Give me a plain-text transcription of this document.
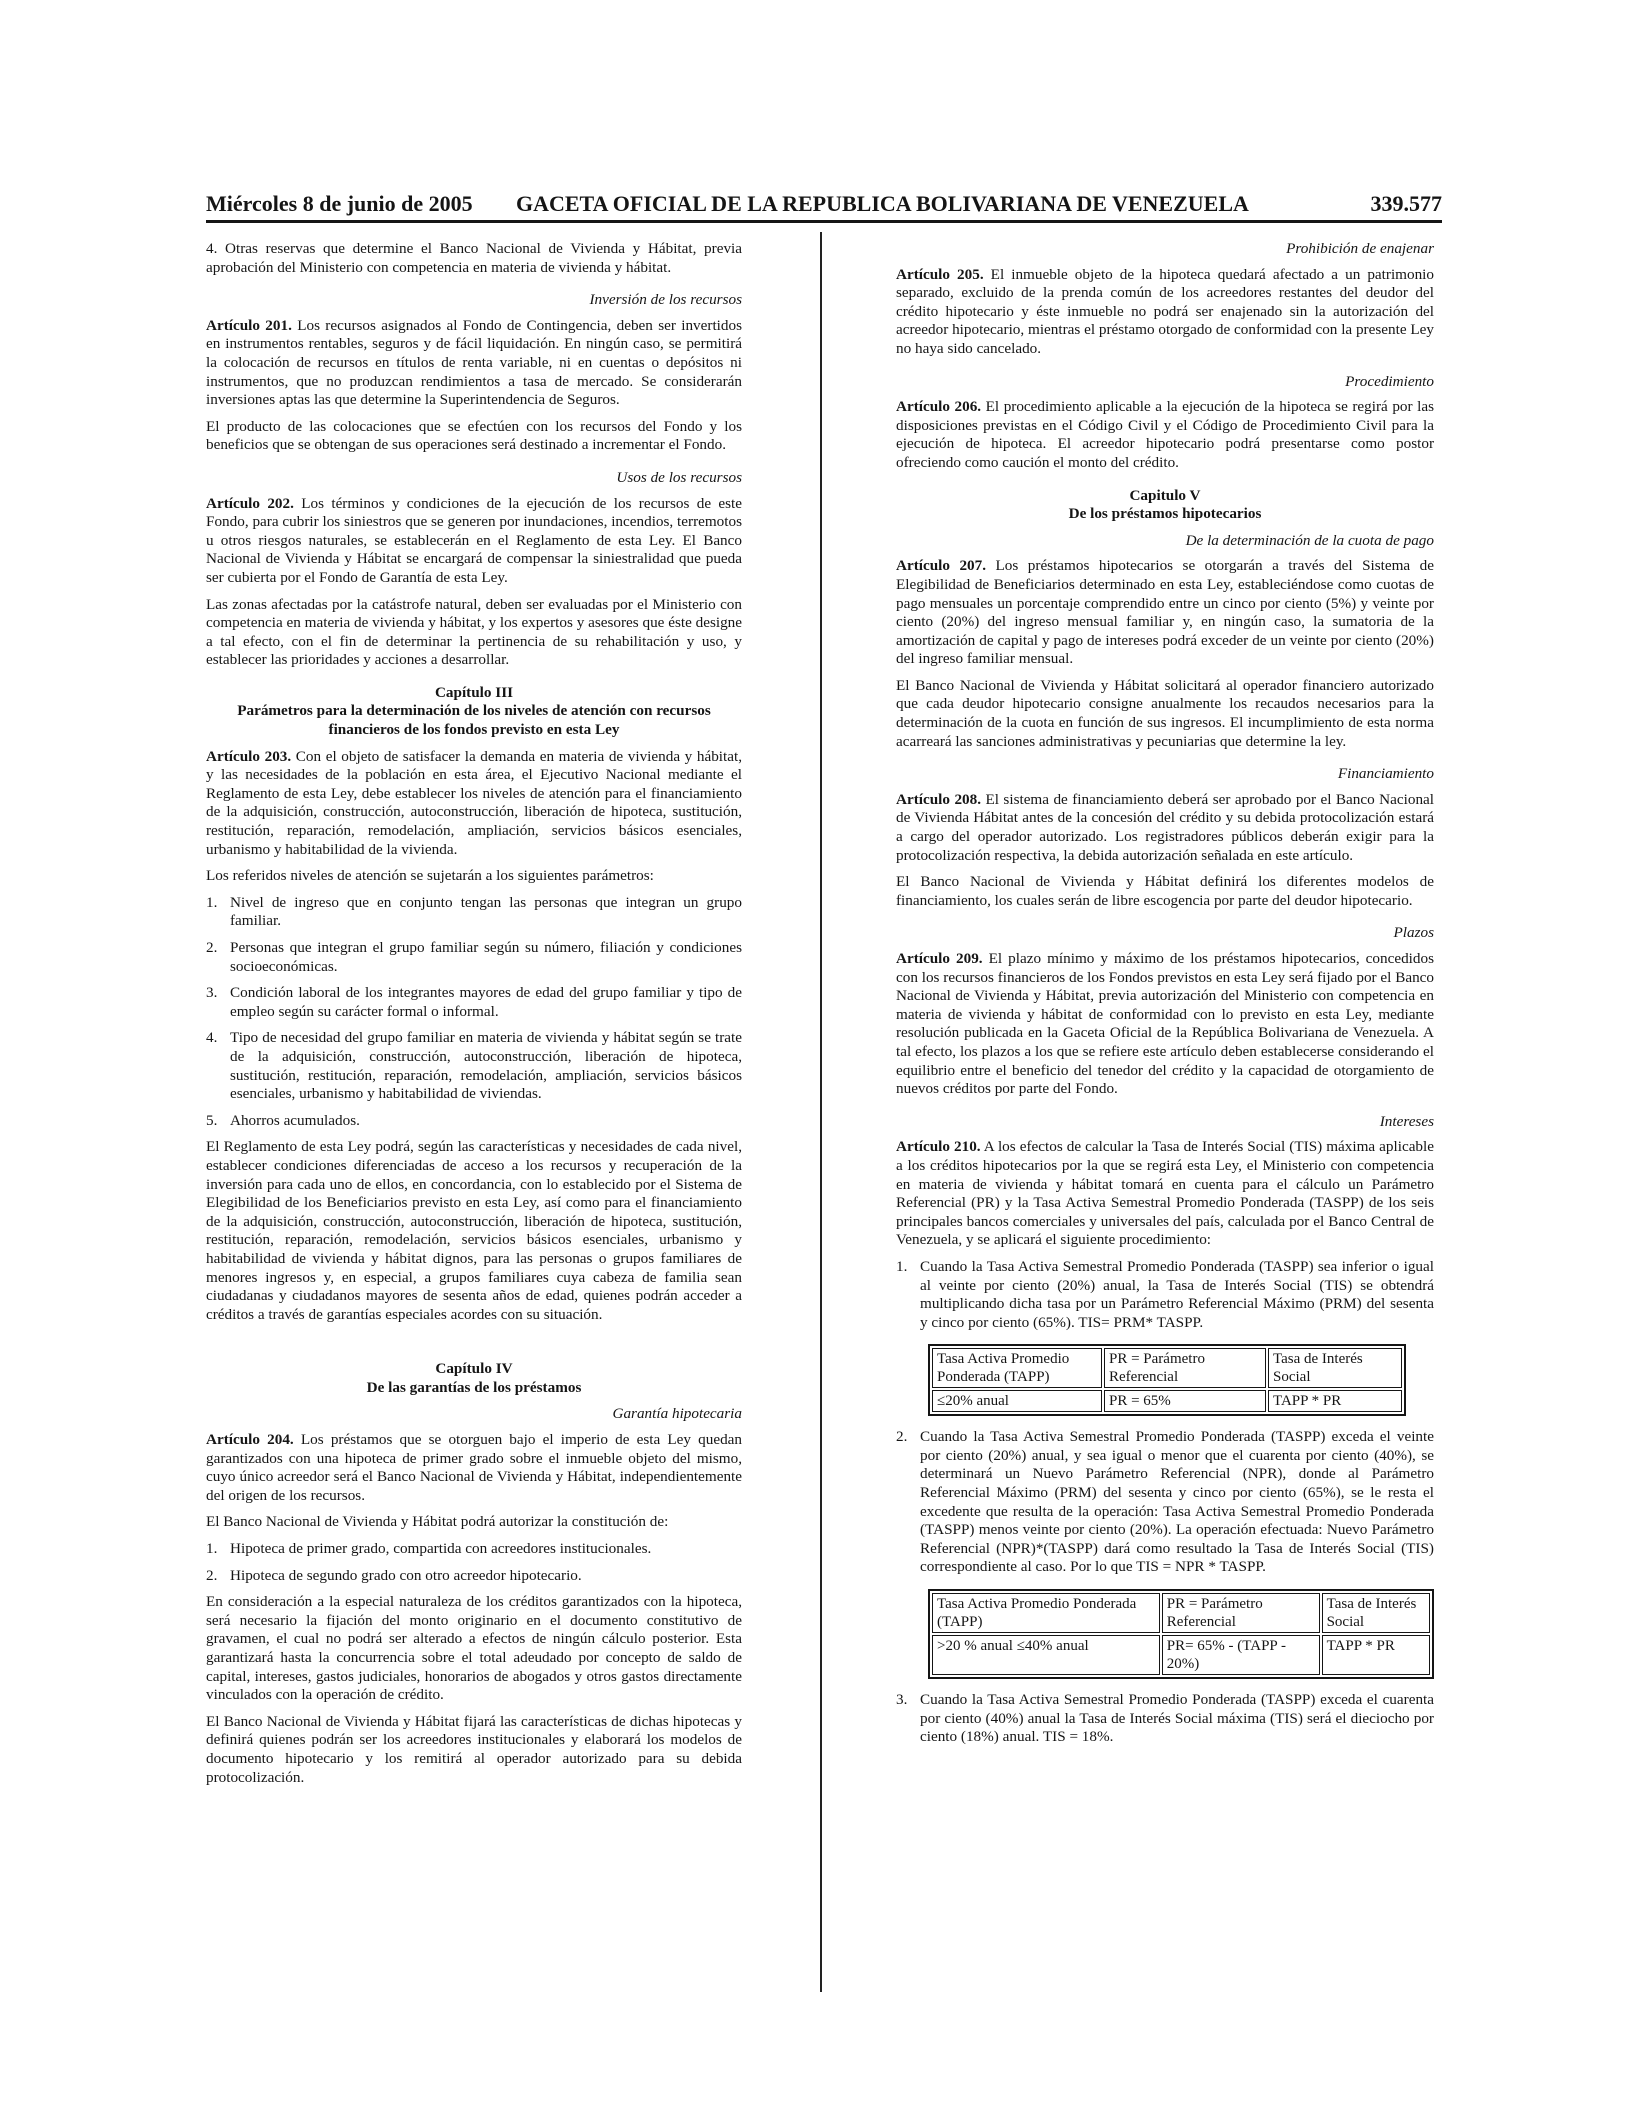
Miércoles 8 de junio de 2005 GACETA OFICIAL DE LA REPUBLICA BOLIVARIANA DE VENEZUELA	339.577

4. Otras reservas que determine el Banco Nacional de Vivienda y Hábitat, previa aprobación del Ministerio con competencia en materia de vivienda y hábitat.

Inversión de los recursos

Artículo 201. Los recursos asignados al Fondo de Contingencia, deben ser invertidos en instrumentos rentables, seguros y de fácil liquidación. En ningún caso, se permitirá la colocación de recursos en títulos de renta variable, ni en cuentas o depósitos ni instrumentos, que no produzcan rendimientos a tasa de mercado. Se considerarán inversiones aptas las que determine la Superintendencia de Seguros.

El producto de las colocaciones que se efectúen con los recursos del Fondo y los beneficios que se obtengan de sus operaciones será destinado a incrementar el Fondo.

Usos de los recursos

Artículo 202. Los términos y condiciones de la ejecución de los recursos de este Fondo, para cubrir los siniestros que se generen por inundaciones, incendios, terremotos u otros riesgos naturales, se establecerán en el Reglamento de esta Ley. El Banco Nacional de Vivienda y Hábitat se encargará de compensar la siniestralidad que pueda ser cubierta por el Fondo de Garantía de esta Ley.

Las zonas afectadas por la catástrofe natural, deben ser evaluadas por el Ministerio con competencia en materia de vivienda y hábitat, y los expertos y asesores que éste designe a tal efecto, con el fin de determinar la pertinencia de su rehabilitación y uso, y establecer las prioridades y acciones a desarrollar.

Capítulo III
Parámetros para la determinación de los niveles de atención con recursos financieros de los fondos previsto en esta Ley

Artículo 203. Con el objeto de satisfacer la demanda en materia de vivienda y hábitat, y las necesidades de la población en esta área, el Ejecutivo Nacional mediante el Reglamento de esta Ley, debe establecer los niveles de atención para el financiamiento de la adquisición, construcción, autoconstrucción, liberación de hipoteca, sustitución, restitución, reparación, remodelación, ampliación, servicios básicos esenciales, urbanismo y habitabilidad de la vivienda.

Los referidos niveles de atención se sujetarán a los siguientes parámetros:

1. Nivel de ingreso que en conjunto tengan las personas que integran un grupo familiar.
2. Personas que integran el grupo familiar según su número, filiación y condiciones socioeconómicas.
3. Condición laboral de los integrantes mayores de edad del grupo familiar y tipo de empleo según su carácter formal o informal.
4. Tipo de necesidad del grupo familiar en materia de vivienda y hábitat según se trate de la adquisición, construcción, autoconstrucción, liberación de hipoteca, sustitución, restitución, reparación, remodelación, ampliación, servicios básicos esenciales, urbanismo y habitabilidad de viviendas.
5. Ahorros acumulados.

El Reglamento de esta Ley podrá, según las características y necesidades de cada nivel, establecer condiciones diferenciadas de acceso a los recursos y recuperación de la inversión para cada uno de ellos, en concordancia, con lo establecido por el Sistema de Elegibilidad de los Beneficiarios previsto en esta Ley, así como para el financiamiento de la adquisición, construcción, autoconstrucción, liberación de hipoteca, sustitución, restitución, reparación, remodelación, servicios básicos esenciales, urbanismo y habitabilidad de vivienda y hábitat dignos, para las personas o grupos familiares de menores ingresos y, en especial, a grupos familiares cuya cabeza de familia sean ciudadanas y ciudadanos mayores de sesenta años de edad, quienes podrán acceder a créditos a través de garantías especiales acordes con su situación.

Capítulo IV
De las garantías de los préstamos
Garantía hipotecaria

Artículo 204. Los préstamos que se otorguen bajo el imperio de esta Ley quedan garantizados con una hipoteca de primer grado sobre el inmueble objeto del mismo, cuyo único acreedor será el Banco Nacional de Vivienda y Hábitat, independientemente del origen de los recursos.

El Banco Nacional de Vivienda y Hábitat podrá autorizar la constitución de:

1. Hipoteca de primer grado, compartida con acreedores institucionales.
2. Hipoteca de segundo grado con otro acreedor hipotecario.

En consideración a la especial naturaleza de los créditos garantizados con la hipoteca, será necesario la fijación del monto originario en el documento constitutivo de gravamen, el cual no podrá ser alterado a efectos de ningún cálculo posterior. Esta garantizará hasta la concurrencia sobre el total adeudado por concepto de saldo de capital, intereses, gastos judiciales, honorarios de abogados y otros gastos directamente vinculados con la operación de crédito.

El Banco Nacional de Vivienda y Hábitat fijará las características de dichas hipotecas y definirá quienes podrán ser los acreedores institucionales y elaborará los modelos de documento hipotecario y los remitirá al operador autorizado para su debida protocolización.

Prohibición de enajenar

Artículo 205. El inmueble objeto de la hipoteca quedará afectado a un patrimonio separado, excluido de la prenda común de los acreedores restantes del deudor del crédito hipotecario y éste inmueble no podrá ser enajenado sin la autorización del acreedor hipotecario, mientras el préstamo otorgado de conformidad con la presente Ley no haya sido cancelado.

Procedimiento

Artículo 206. El procedimiento aplicable a la ejecución de la hipoteca se regirá por las disposiciones previstas en el Código Civil y el Código de Procedimiento Civil para la ejecución de hipoteca. El acreedor hipotecario podrá presentarse como postor ofreciendo como caución el monto del crédito.

Capitulo V
De los préstamos hipotecarios
De la determinación de la cuota de pago

Artículo 207. Los préstamos hipotecarios se otorgarán a través del Sistema de Elegibilidad de Beneficiarios determinado en esta Ley, estableciéndose como cuotas de pago mensuales un porcentaje comprendido entre un cinco por ciento (5%) y veinte por ciento (20%) del ingreso mensual familiar y, en ningún caso, la sumatoria de la amortización de capital y pago de intereses podrá exceder de un veinte por ciento (20%) del ingreso familiar mensual.

El Banco Nacional de Vivienda y Hábitat solicitará al operador financiero autorizado que cada deudor hipotecario consigne anualmente los recaudos necesarios para la determinación de la cuota en función de sus ingresos. El incumplimiento de esta norma acarreará las sanciones administrativas y pecuniarias que determine la ley.

Financiamiento

Artículo 208. El sistema de financiamiento deberá ser aprobado por el Banco Nacional de Vivienda Hábitat antes de la concesión del crédito y su debida protocolización estará a cargo del operador autorizado. Los registradores públicos deberán exigir para la protocolización respectiva, la debida autorización señalada en este artículo.

El Banco Nacional de Vivienda y Hábitat definirá los diferentes modelos de financiamiento, los cuales serán de libre escogencia por parte del deudor hipotecario.

Plazos

Artículo 209. El plazo mínimo y máximo de los préstamos hipotecarios, concedidos con los recursos financieros de los Fondos previstos en esta Ley será fijado por el Banco Nacional de Vivienda y Hábitat, previa autorización del Ministerio con competencia en materia de vivienda y hábitat de conformidad con lo previsto en esta Ley, mediante resolución publicada en la Gaceta Oficial de la República Bolivariana de Venezuela. A tal efecto, los plazos a los que se refiere este artículo deben establecerse considerando el equilibrio entre el beneficio del tenedor del crédito y la capacidad de otorgamiento de nuevos créditos por parte del Fondo.

Intereses

Artículo 210. A los efectos de calcular la Tasa de Interés Social (TIS) máxima aplicable a los créditos hipotecarios por la que se regirá esta Ley, el Ministerio con competencia en materia de vivienda y hábitat tomará en cuenta para el cálculo un Parámetro Referencial (PR) y la Tasa Activa Semestral Promedio Ponderada (TASPP) de los seis principales bancos comerciales y universales del país, calculada por el Banco Central de Venezuela, y se aplicará el siguiente procedimiento:

1. Cuando la Tasa Activa Semestral Promedio Ponderada (TASPP) sea inferior o igual al veinte por ciento (20%) anual, la Tasa de Interés Social (TIS) se obtendrá multiplicando dicha tasa por un Parámetro Referencial Máximo (PRM) del sesenta y cinco por ciento (65%). TIS= PRM* TASPP.
Tasa Activa Promedio Ponderada (TAPP)	PR = Parámetro Referencial	Tasa de Interés Social
≤20% anual	PR = 65%	TAPP * PR
2. Cuando la Tasa Activa Semestral Promedio Ponderada (TASPP) exceda el veinte por ciento (20%) anual, y sea igual o menor que el cuarenta por ciento (40%), se determinará un Nuevo Parámetro Referencial (NPR), donde al Parámetro Referencial Máximo (PRM) del sesenta y cinco por ciento (65%), se le resta el excedente que resulta de la operación: Tasa Activa Semestral Promedio Ponderada (TASPP) menos veinte por ciento (20%). La operación efectuada: Nuevo Parámetro Referencial (NPR)*(TASPP) dará como resultado la Tasa de Interés Social (TIS) correspondiente al caso. Por lo que TIS = NPR * TASPP.
Tasa Activa Promedio Ponderada (TAPP)	PR = Parámetro Referencial	Tasa de Interés Social
>20 % anual ≤40% anual	PR= 65% - (TAPP - 20%)	TAPP * PR
3. Cuando la Tasa Activa Semestral Promedio Ponderada (TASPP) exceda el cuarenta por ciento (40%) anual la Tasa de Interés Social máxima (TIS) será el dieciocho por ciento (18%) anual. TIS = 18%.
